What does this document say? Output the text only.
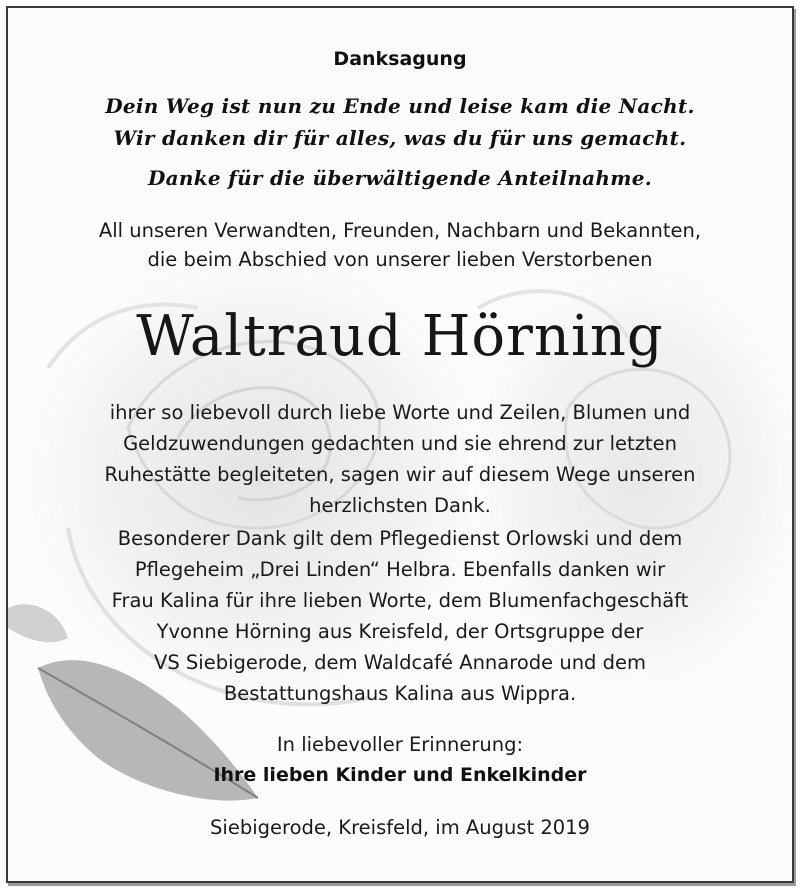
Danksagung
Dein Weg ist nun zu Ende und leise kam die Nacht.
Wir danken dir für alles, was du für uns gemacht.
Danke für die überwältigende Anteilnahme.
All unseren Verwandten, Freunden, Nachbarn und Bekannten,
die beim Abschied von unserer lieben Verstorbenen
Waltraud Hörning
ihrer so liebevoll durch liebe Worte und Zeilen, Blumen und
Geldzuwendungen gedachten und sie ehrend zur letzten
Ruhestätte begleiteten, sagen wir auf diesem Wege unseren
herzlichsten Dank.
Besonderer Dank gilt dem Pflegedienst Orlowski und dem
Pflegeheim „Drei Linden“ Helbra. Ebenfalls danken wir
Frau Kalina für ihre lieben Worte, dem Blumenfachgeschäft
Yvonne Hörning aus Kreisfeld, der Ortsgruppe der
VS Siebigerode, dem Waldcafé Annarode und dem
Bestattungshaus Kalina aus Wippra.
In liebevoller Erinnerung:
Ihre lieben Kinder und Enkelkinder
Siebigerode, Kreisfeld, im August 2019
